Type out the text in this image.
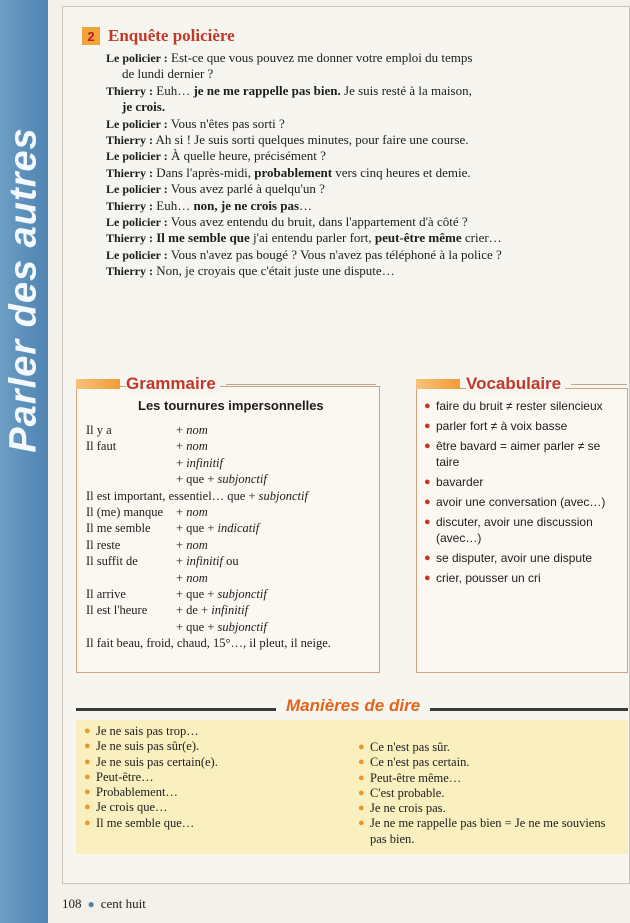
Parler des autres
2 Enquête policière
Le policier : Est-ce que vous pouvez me donner votre emploi du temps
de lundi dernier ?
Thierry : Euh… je ne me rappelle pas bien. Je suis resté à la maison,
je crois.
Le policier : Vous n'êtes pas sorti ?
Thierry : Ah si ! Je suis sorti quelques minutes, pour faire une course.
Le policier : À quelle heure, précisément ?
Thierry : Dans l'après-midi, probablement vers cinq heures et demie.
Le policier : Vous avez parlé à quelqu'un ?
Thierry : Euh… non, je ne crois pas…
Le policier : Vous avez entendu du bruit, dans l'appartement d'à côté ?
Thierry : Il me semble que j'ai entendu parler fort, peut-être même crier…
Le policier : Vous n'avez pas bougé ? Vous n'avez pas téléphoné à la police ?
Thierry : Non, je croyais que c'était juste une dispute…
Grammaire
Les tournures impersonnelles
Il y a	+ nom
Il faut	+ nom
+ infinitif
+ que + subjonctif
Il est important, essentiel… que + subjonctif
Il (me) manque	+ nom
Il me semble	+ que + indicatif
Il reste	+ nom
Il suffit de	+ infinitif ou
+ nom
Il arrive	+ que + subjonctif
Il est l'heure	+ de + infinitif
+ que + subjonctif
Il fait beau, froid, chaud, 15°…, il pleut, il neige.
Vocabulaire
● faire du bruit ≠ rester silencieux
● parler fort ≠ à voix basse
● être bavard = aimer parler ≠ se taire
● bavarder
● avoir une conversation (avec…)
● discuter, avoir une discussion (avec…)
● se disputer, avoir une dispute
● crier, pousser un cri
Manières de dire
● Je ne sais pas trop…
● Je ne suis pas sûr(e).
● Je ne suis pas certain(e).
● Peut-être…
● Probablement…
● Je crois que…
● Il me semble que…
● Ce n'est pas sûr.
● Ce n'est pas certain.
● Peut-être même…
● C'est probable.
● Je ne crois pas.
● Je ne me rappelle pas bien = Je ne me souviens pas bien.
108 ● cent huit
